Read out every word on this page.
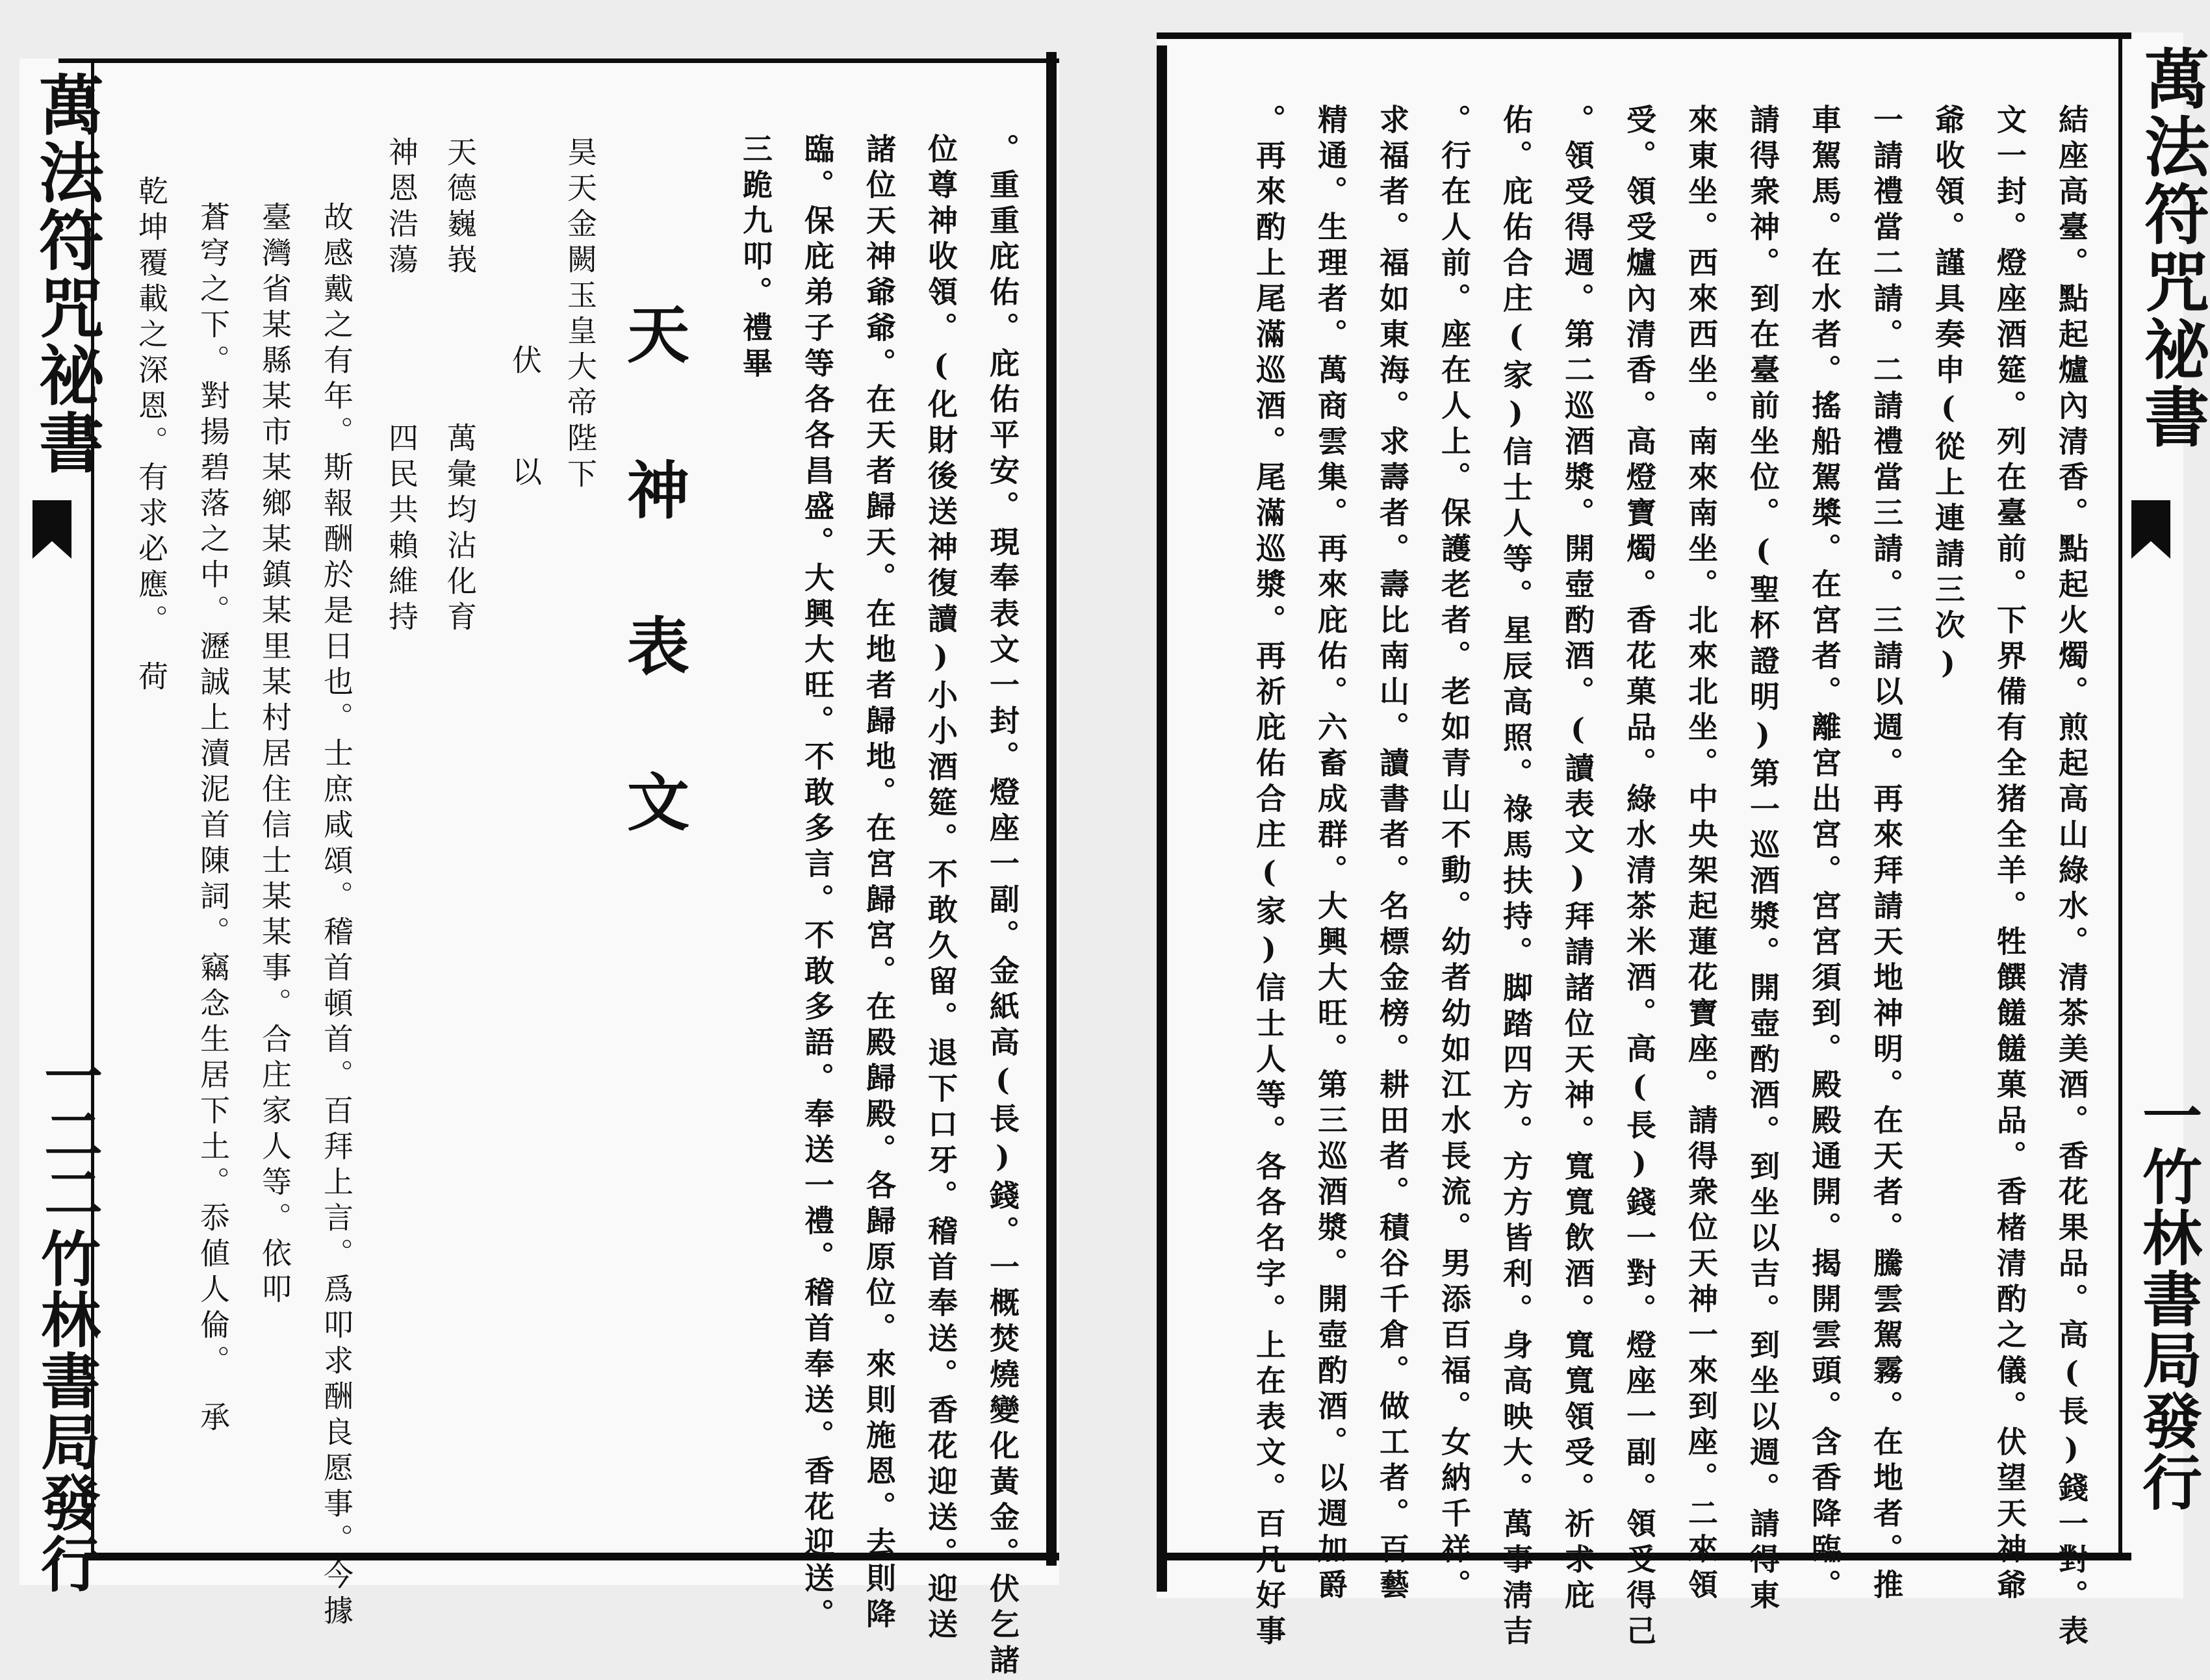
萬法符咒祕書
一二二
竹林書局發行	。重重庇佑。庇佑平安。現奉表文一封。燈座一副。金紙高(長)錢。一概焚燒變化黃金。伏乞諸
位尊神收領。(化財後送神復讀)小小酒筵。不敢久留。退下口牙。稽首奉送。香花迎送。迎送
諸位天神爺爺。在天者歸天。在地者歸地。在宮歸宮。在殿歸殿。各歸原位。來則施恩。去則降
臨。保庇弟子等各各昌盛。大興大旺。不敢多言。不敢多語。奉送一禮。稽首奉送。香花迎送。
三跪九叩。禮畢
天
神
表
文
昊天金闕玉皇大帝陛下
伏　以
天德巍峩
萬彙均沾化育
神恩浩蕩
四民共賴維持
故感戴之有年。斯報酬於是日也。士庶咸頌。稽首頓首。百拜上言。爲叩求酬良愿事。今據
臺灣省某縣某市某鄉某鎮某里某村居住信士某某事。合庄家人等。依叩
蒼穹之下。對揚碧落之中。瀝誠上瀆泥首陳詞。竊念生居下土。忝値人倫。　承
乾坤覆載之深恩。有求必應。　荷	萬法符咒祕書
一竹林書局發行
結座高臺。點起爐內清香。點起火燭。煎起高山綠水。清茶美酒。香花果品。高(長)錢一對。表
文一封。燈座酒筵。列在臺前。下界備有全猪全羊。牲饌饈饈菓品。香楮清酌之儀。伏望天神爺
爺收領。謹具奏申(從上連請三次)
一請禮當二請。二請禮當三請。三請以週。再來拜請天地神明。在天者。騰雲駕霧。在地者。推
車駕馬。在水者。搖船駕槳。在宮者。離宮出宮。宮宮須到。殿殿通開。揭開雲頭。含香降臨。
請得衆神。到在臺前坐位。(聖杯證明)第一巡酒漿。開壺酌酒。到坐以吉。到坐以週。請得東
來東坐。西來西坐。南來南坐。北來北坐。中央架起蓮花寶座。請得衆位天神一來到座。二來領
受。領受爐內清香。高燈寶燭。香花菓品。綠水清茶米酒。高(長)錢一對。燈座一副。領受得己
。領受得週。第二巡酒漿。開壺酌酒。(讀表文)拜請諸位天神。寬寬飲酒。寬寬領受。祈求庇
佑。庇佑合庄(家)信士人等。星辰高照。祿馬扶持。脚踏四方。方方皆利。身高映大。萬事淸吉
。行在人前。座在人上。保護老者。老如青山不動。幼者幼如江水長流。男添百福。女納千祥。
求福者。福如東海。求壽者。壽比南山。讀書者。名標金榜。耕田者。積谷千倉。做工者。百藝
精通。生理者。萬商雲集。再來庇佑。六畜成群。大興大旺。第三巡酒漿。開壺酌酒。以週加爵
。再來酌上尾滿巡酒。尾滿巡漿。再祈庇佑合庄(家)信士人等。各各名字。上在表文。百凡好事
